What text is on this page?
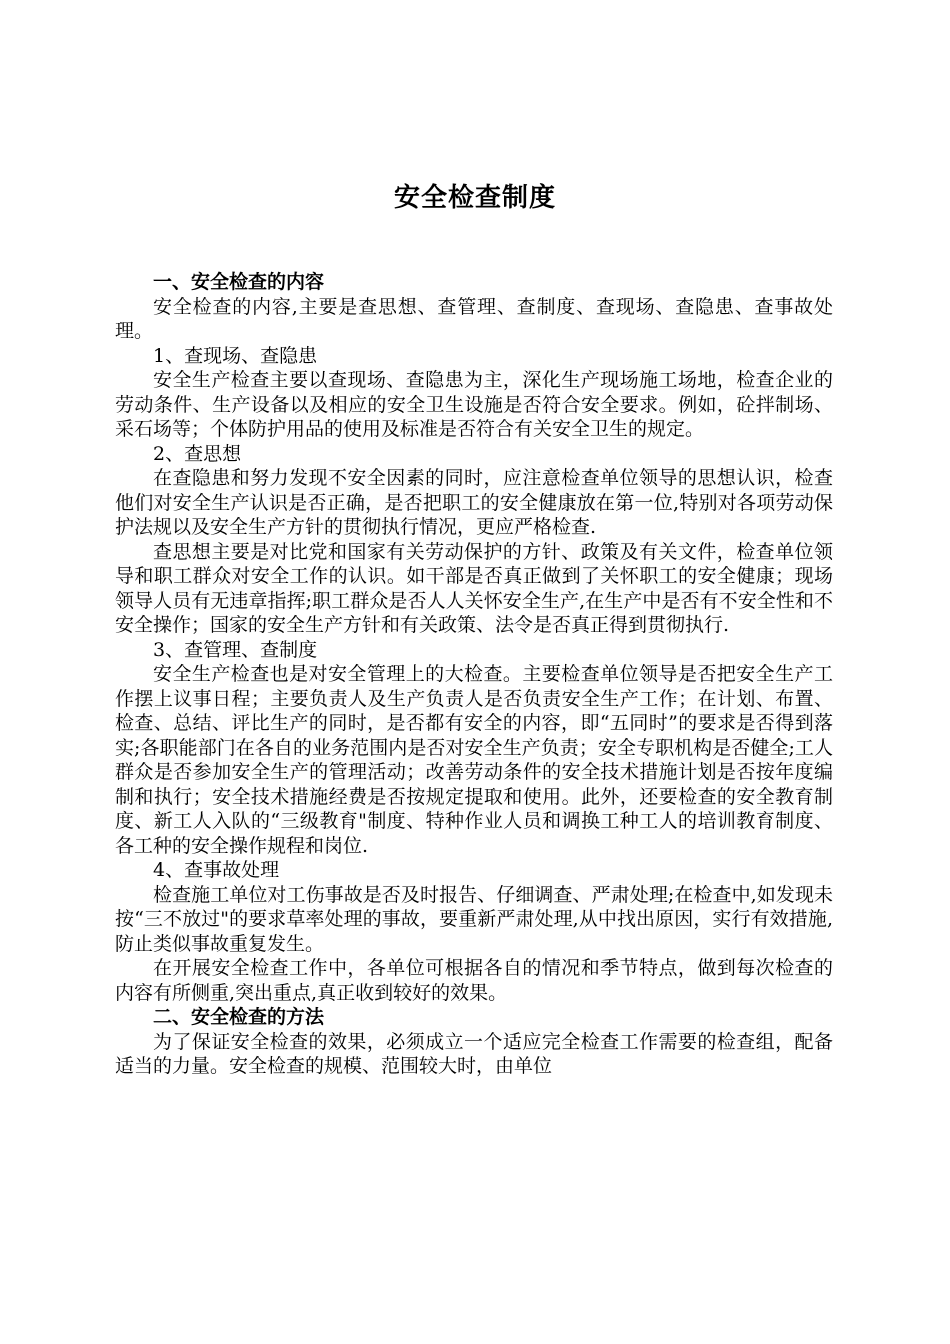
安全检查制度

一、安全检查的内容

安全检查的内容,主要是查思想、查管理、查制度、查现场、查隐患、查事故处理。

1、查现场、查隐患

安全生产检查主要以查现场、查隐患为主，深化生产现场施工场地，检查企业的劳动条件、生产设备以及相应的安全卫生设施是否符合安全要求。例如，砼拌制场、采石场等；个体防护用品的使用及标准是否符合有关安全卫生的规定。

2、查思想

在查隐患和努力发现不安全因素的同时，应注意检查单位领导的思想认识，检查他们对安全生产认识是否正确，是否把职工的安全健康放在第一位,特别对各项劳动保护法规以及安全生产方针的贯彻执行情况，更应严格检查.

查思想主要是对比党和国家有关劳动保护的方针、政策及有关文件，检查单位领导和职工群众对安全工作的认识。如干部是否真正做到了关怀职工的安全健康；现场领导人员有无违章指挥;职工群众是否人人关怀安全生产,在生产中是否有不安全性和不安全操作；国家的安全生产方针和有关政策、法令是否真正得到贯彻执行.

3、查管理、查制度

安全生产检查也是对安全管理上的大检查。主要检查单位领导是否把安全生产工作摆上议事日程；主要负责人及生产负责人是否负责安全生产工作；在计划、布置、检查、总结、评比生产的同时，是否都有安全的内容，即“五同时”的要求是否得到落实;各职能部门在各自的业务范围内是否对安全生产负责；安全专职机构是否健全;工人群众是否参加安全生产的管理活动；改善劳动条件的安全技术措施计划是否按年度编制和执行；安全技术措施经费是否按规定提取和使用。此外，还要检查的安全教育制度、新工人入队的“三级教育"制度、特种作业人员和调换工种工人的培训教育制度、各工种的安全操作规程和岗位.

4、查事故处理

检查施工单位对工伤事故是否及时报告、仔细调查、严肃处理;在检查中,如发现未按“三不放过"的要求草率处理的事故，要重新严肃处理,从中找出原因，实行有效措施,防止类似事故重复发生。

在开展安全检查工作中，各单位可根据各自的情况和季节特点，做到每次检查的内容有所侧重,突出重点,真正收到较好的效果。

二、安全检查的方法

为了保证安全检查的效果，必须成立一个适应完全检查工作需要的检查组，配备适当的力量。安全检查的规模、范围较大时，由单位
